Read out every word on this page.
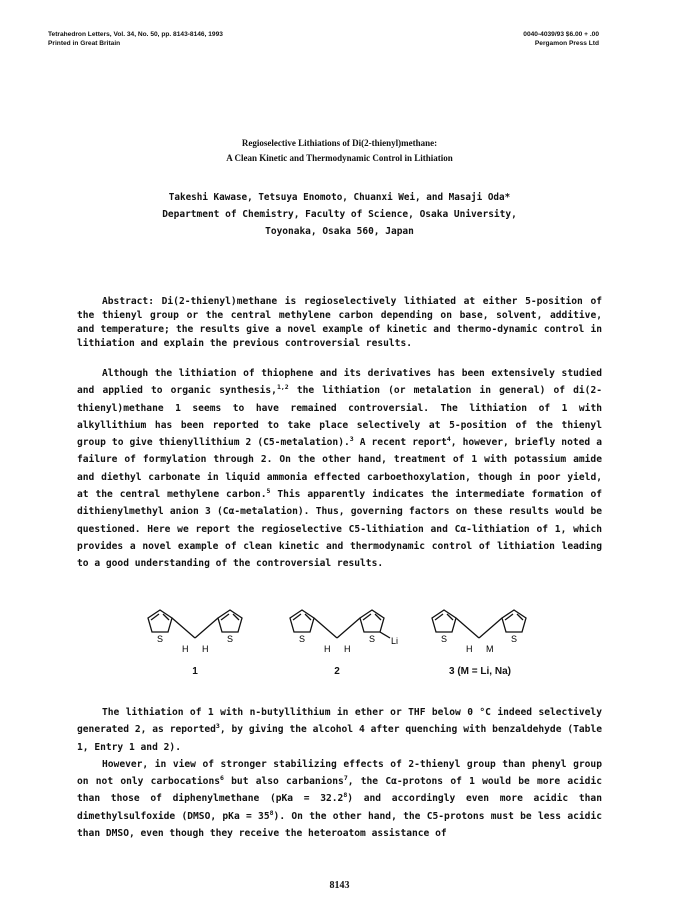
Tetrahedron Letters, Vol. 34, No. 50, pp. 8143-8146, 1993
Printed in Great Britain
0040-4039/93 $6.00 + .00
Pergamon Press Ltd
Regioselective Lithiations of Di(2-thienyl)methane:
A Clean Kinetic and Thermodynamic Control in Lithiation
Takeshi Kawase, Tetsuya Enomoto, Chuanxi Wei, and Masaji Oda*
Department of Chemistry, Faculty of Science, Osaka University,
Toyonaka, Osaka 560, Japan
Abstract: Di(2-thienyl)methane is regioselectively lithiated at either 5-position of the thienyl group or the central methylene carbon depending on base, solvent, additive, and temperature; the results give a novel example of kinetic and thermo-dynamic control in lithiation and explain the previous controversial results.

Although the lithiation of thiophene and its derivatives has been extensively studied and applied to organic synthesis,$^{1,2}$ the lithiation (or metalation in general) of di(2-thienyl)methane 1 seems to have remained controversial. The lithiation of 1 with alkyllithium has been reported to take place selectively at 5-position of the thienyl group to give thienyllithium 2 (C5-metalation).$^3$ A recent report$^4$, however, briefly noted a failure of formylation through 2. On the other hand, treatment of 1 with potassium amide and diethyl carbonate in liquid ammonia effected carboethoxylation, though in poor yield, at the central methylene carbon.$^5$ This apparently indicates the intermediate formation of dithienylmethyl anion 3 (Cα-metalation). Thus, governing factors on these results would be questioned. Here we report the regioselective C5-lithiation and Cα-lithiation of 1, which provides a novel example of clean kinetic and thermodynamic control of lithiation leading to a good understanding of the controversial results.

S	S
H H
S	S Li
H H
S	S
H M
1	2	3 (M = Li, Na)

The lithiation of 1 with n-butyllithium in ether or THF below 0 °C indeed selectively generated 2, as reported$^3$, by giving the alcohol 4 after quenching with benzaldehyde (Table 1, Entry 1 and 2).

However, in view of stronger stabilizing effects of 2-thienyl group than phenyl group on not only carbocations$^6$ but also carbanions$^7$, the Cα-protons of 1 would be more acidic than those of diphenylmethane $(pKa = 32.2^8)$ and accordingly even more acidic than dimethylsulfoxide (DMSO, pKa = $35^8$). On the other hand, the C5-protons must be less acidic than DMSO, even though they receive the heteroatom assistance of

8143
